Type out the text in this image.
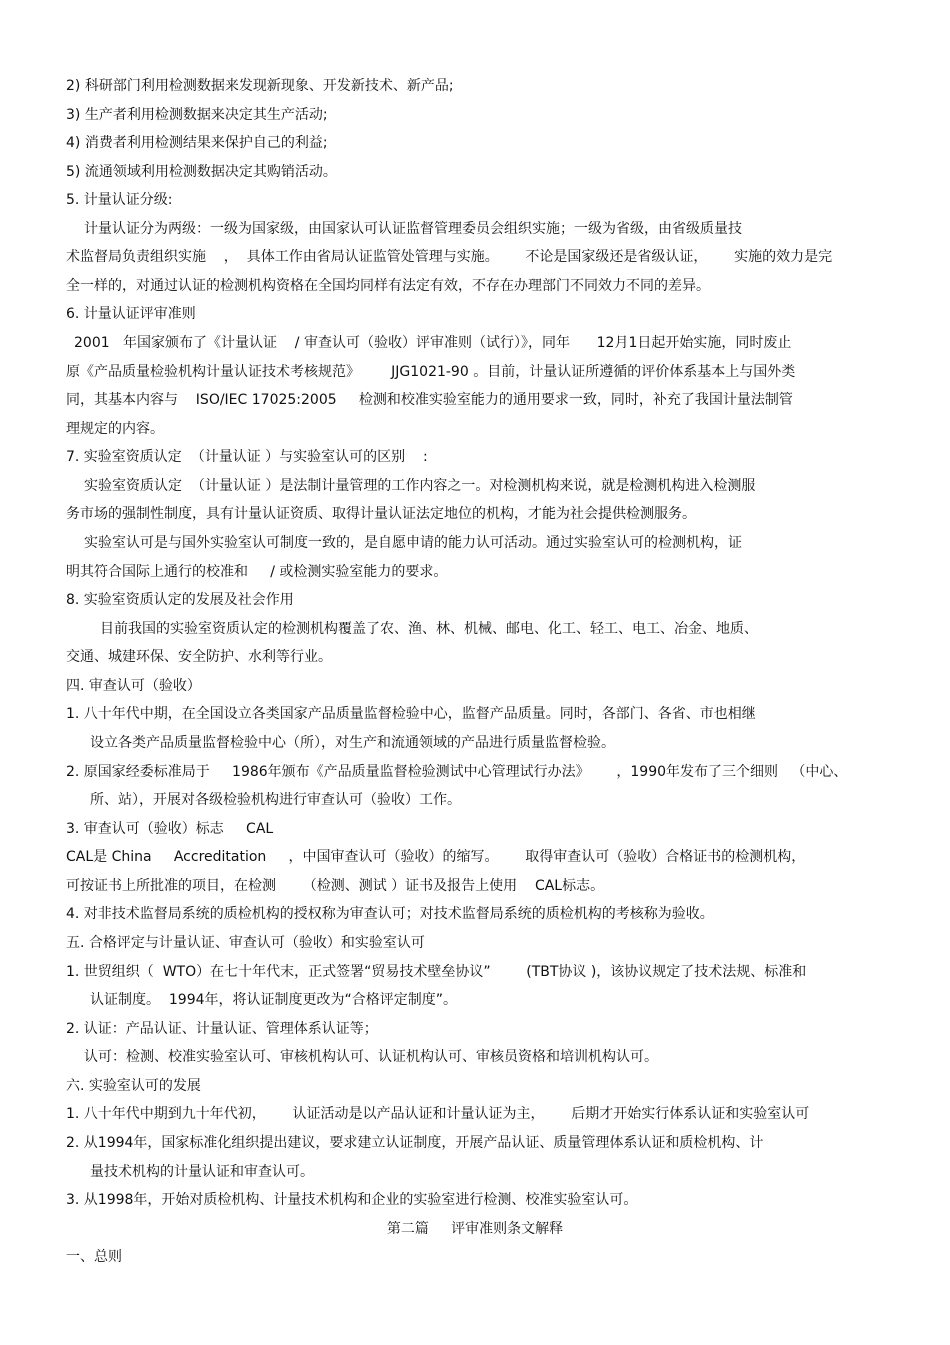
2) 科研部门利用检测数据来发现新现象、开发新技术、新产品;
3) 生产者利用检测数据来决定其生产活动;
4) 消费者利用检测结果来保护自己的利益;
5) 流通领域利用检测数据决定其购销活动。
5. 计量认证分级:
计量认证分为两级：一级为国家级，由国家认可认证监督管理委员会组织实施；一级为省级，由省级质量技
术监督局负责组织实施    ，  具体工作由省局认证监管处管理与实施。      不论是国家级还是省级认证，      实施的效力是完
全一样的，对通过认证的检测机构资格在全国均同样有法定有效，不存在办理部门不同效力不同的差异。
6. 计量认证评审准则
2001   年国家颁布了《计量认证    / 审查认可（验收）评审准则（试行）》，同年      12月1日起开始实施，同时废止
原《产品质量检验机构计量认证技术考核规范》       JJG1021-90 。目前，计量认证所遵循的评价体系基本上与国外类
同，其基本内容与    ISO/IEC 17025:2005     检测和校准实验室能力的通用要求一致，同时，补充了我国计量法制管
理规定的内容。
7. 实验室资质认定  （计量认证 ）与实验室认可的区别    :
实验室资质认定  （计量认证 ）是法制计量管理的工作内容之一。对检测机构来说，就是检测机构进入检测服
务市场的强制性制度，具有计量认证资质、取得计量认证法定地位的机构，才能为社会提供检测服务。
实验室认可是与国外实验室认可制度一致的，是自愿申请的能力认可活动。通过实验室认可的检测机构，证
明其符合国际上通行的校准和     / 或检测实验室能力的要求。
8. 实验室资质认定的发展及社会作用
目前我国的实验室资质认定的检测机构覆盖了农、渔、林、机械、邮电、化工、轻工、电工、冶金、地质、
交通、城建环保、安全防护、水利等行业。
四. 审查认可（验收）
1. 八十年代中期，在全国设立各类国家产品质量监督检验中心，监督产品质量。同时，各部门、各省、市也相继
设立各类产品质量监督检验中心（所），对生产和流通领域的产品进行质量监督检验。
2. 原国家经委标准局于     1986年颁布《产品质量监督检验测试中心管理试行办法》      ，1990年发布了三个细则   （中心、
所、站），开展对各级检验机构进行审查认可（验收）工作。
3. 审查认可（验收）标志     CAL
CAL是 China     Accreditation     ，中国审查认可（验收）的缩写。      取得审查认可（验收）合格证书的检测机构，
可按证书上所批准的项目，在检测      （检测、测试 ）证书及报告上使用    CAL标志。
4. 对非技术监督局系统的质检机构的授权称为审查认可；对技术监督局系统的质检机构的考核称为验收。
五. 合格评定与计量认证、审查认可（验收）和实验室认可
1. 世贸组织（  WTO）在七十年代末，正式签署“贸易技术壁垒协议”        (TBT协议 )，该协议规定了技术法规、标准和
认证制度。  1994年，将认证制度更改为“合格评定制度”。
2. 认证：产品认证、计量认证、管理体系认证等；
认可：检测、校准实验室认可、审核机构认可、认证机构认可、审核员资格和培训机构认可。
六. 实验室认可的发展
1. 八十年代中期到九十年代初，      认证活动是以产品认证和计量认证为主，      后期才开始实行体系认证和实验室认可
2. 从1994年，国家标准化组织提出建议，要求建立认证制度，开展产品认证、质量管理体系认证和质检机构、计
量技术机构的计量认证和审查认可。
3. 从1998年，开始对质检机构、计量技术机构和企业的实验室进行检测、校准实验室认可。
第二篇     评审准则条文解释
一、总则
